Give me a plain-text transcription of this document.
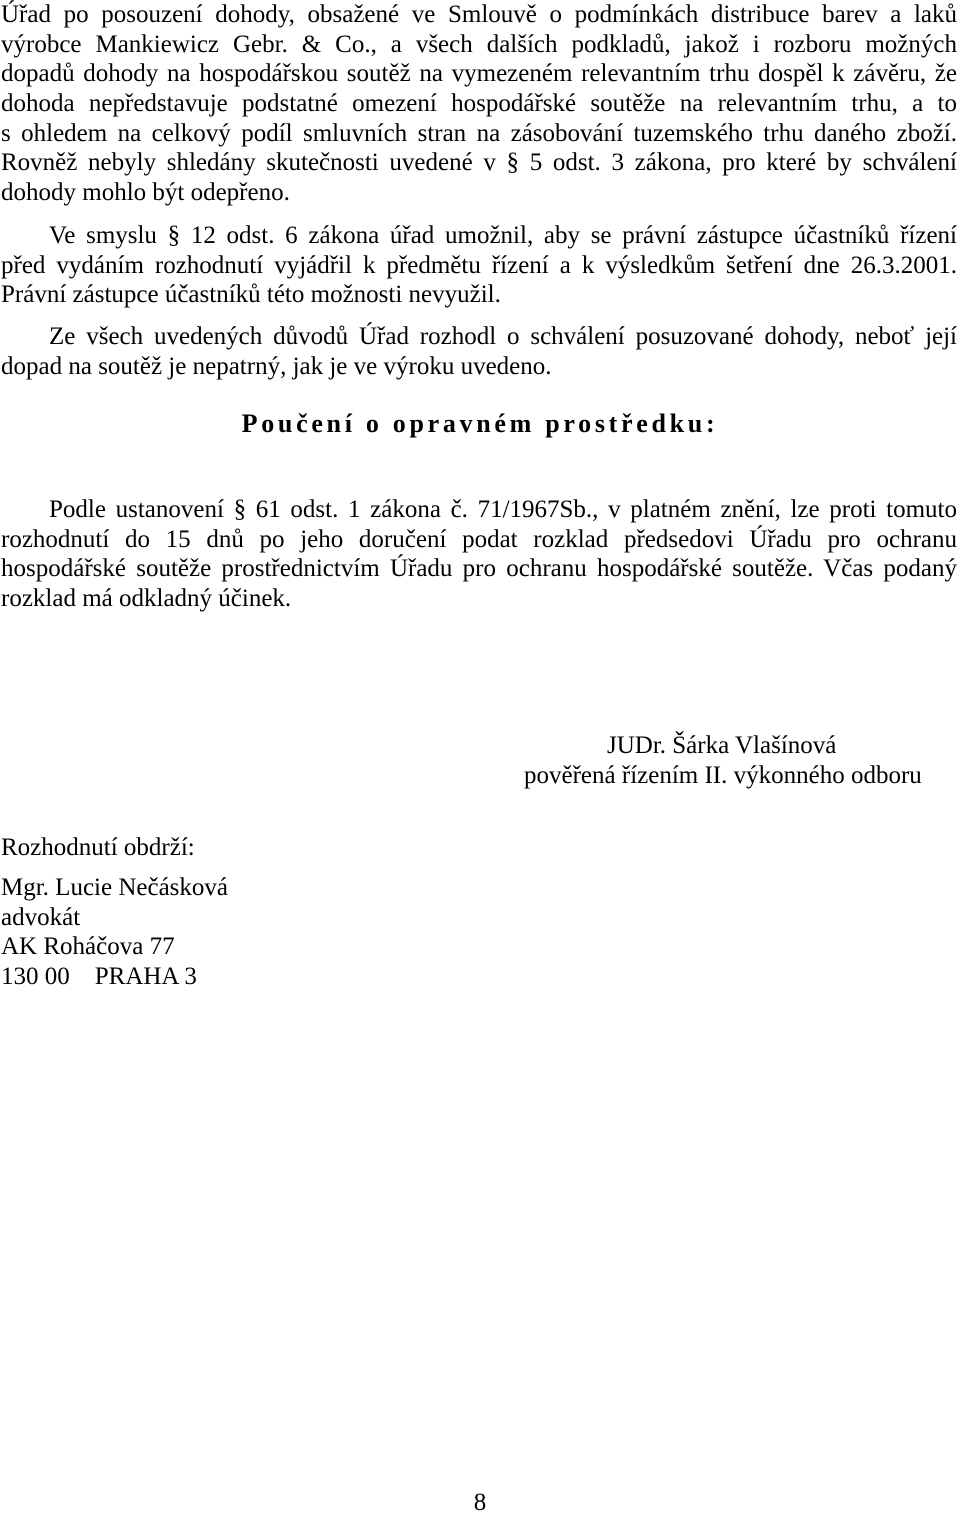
Úřad po posouzení dohody, obsažené ve Smlouvě o podmínkách distribuce barev a laků
výrobce Mankiewicz Gebr. & Co., a všech dalších podkladů, jakož i rozboru možných
dopadů dohody na hospodářskou soutěž na vymezeném relevantním trhu dospěl k závěru, že
dohoda nepředstavuje podstatné omezení hospodářské soutěže na relevantním trhu, a to
s ohledem na celkový podíl smluvních stran na zásobování tuzemského trhu daného zboží.
Rovněž nebyly shledány skutečnosti uvedené v § 5 odst. 3 zákona, pro které by schválení
dohody mohlo být odepřeno.
Ve smyslu § 12 odst. 6 zákona úřad umožnil, aby se právní zástupce účastníků řízení
před vydáním rozhodnutí vyjádřil k předmětu řízení a k výsledkům šetření dne 26.3.2001.
Právní zástupce účastníků této možnosti nevyužil.
Ze všech uvedených důvodů Úřad rozhodl o schválení posuzované dohody, neboť její
dopad na soutěž je nepatrný, jak je ve výroku uvedeno.
Poučení o opravném prostředku:
Podle ustanovení § 61 odst. 1 zákona č. 71/1967Sb., v platném znění, lze proti tomuto
rozhodnutí do 15 dnů po jeho doručení podat rozklad předsedovi Úřadu pro ochranu
hospodářské soutěže prostřednictvím Úřadu pro ochranu hospodářské soutěže. Včas podaný
rozklad má odkladný účinek.
JUDr. Šárka Vlašínová
pověřená řízením II. výkonného odboru
Rozhodnutí obdrží:
Mgr. Lucie Nečásková
advokát
AK Roháčova 77
130 00    PRAHA 3
8
